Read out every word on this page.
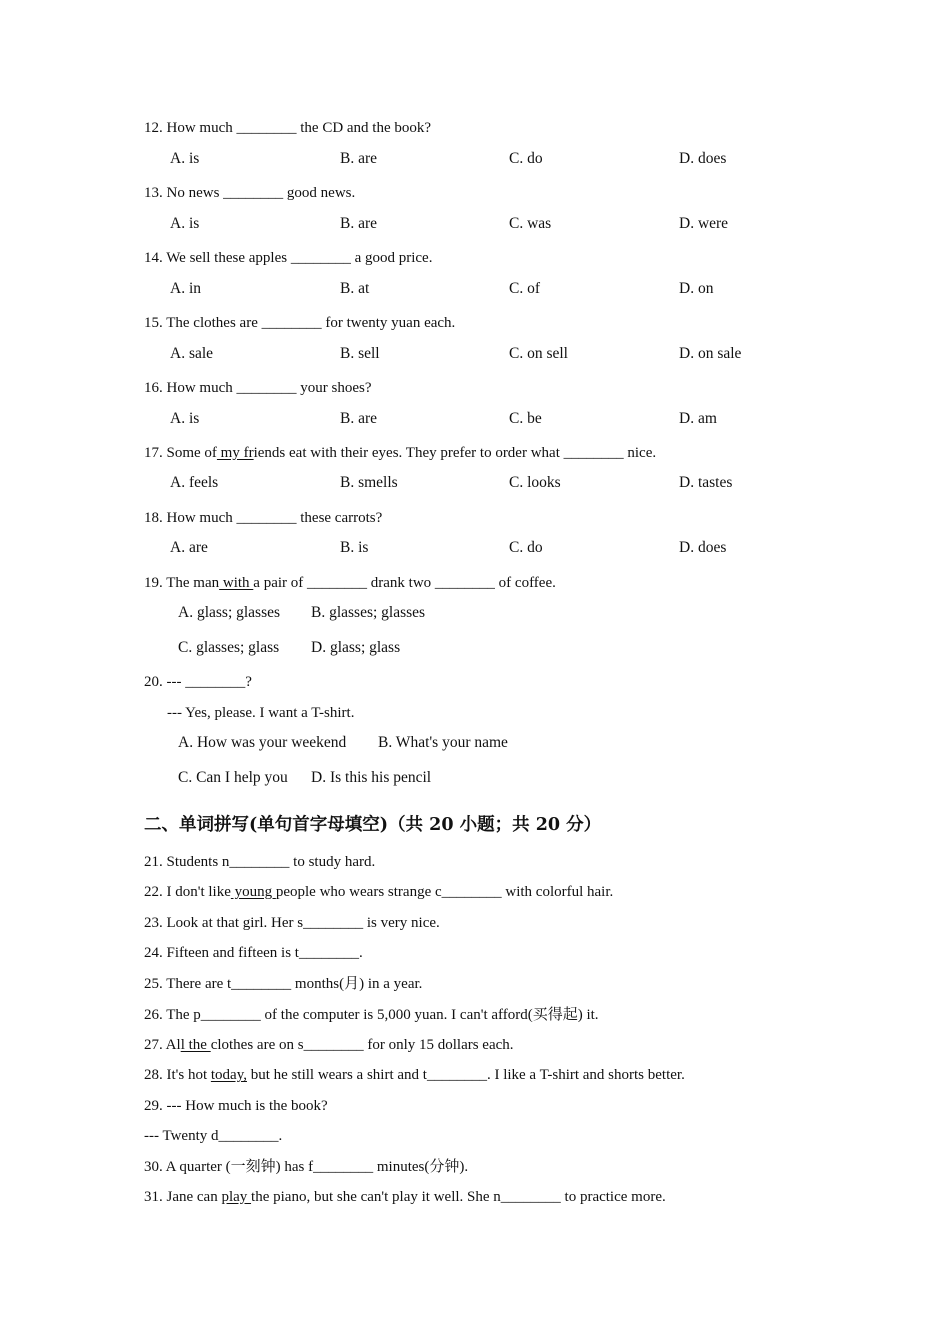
12. How much ________ the CD and the book?
A. is	B. are	C. do	D. does
13. No news ________ good news.
A. is	B. are	C. was	D. were
14. We sell these apples ________ a good price.
A. in	B. at	C. of	D. on
15. The clothes are ________ for twenty yuan each.
A. sale	B. sell	C. on sell	D. on sale
16. How much ________ your shoes?
A. is	B. are	C. be	D. am
17. Some of my friends eat with their eyes. They prefer to order what ________ nice.
A. feels	B. smells	C. looks	D. tastes
18. How much ________ these carrots?
A. are	B. is	C. do	D. does
19. The man with a pair of ________ drank two ________ of coffee.
A. glass; glasses B. glasses; glasses
C. glasses; glass D. glass; glass
20. --- ________?
--- Yes, please. I want a T-shirt.
A. How was your weekend B. What's your name
C. Can I help you D. Is this his pencil
二、单词拼写(单句首字母填空)（共 20 小题；共 20 分）
21. Students n________ to study hard.
22. I don't like young people who wears strange c________ with colorful hair.
23. Look at that girl. Her s________ is very nice.
24. Fifteen and fifteen is t________.
25. There are t________ months(月) in a year.
26. The p________ of the computer is 5,000 yuan. I can't afford(买得起) it.
27. All the clothes are on s________ for only 15 dollars each.
28. It's hot today, but he still wears a shirt and t________. I like a T-shirt and shorts better.
29. --- How much is the book?
--- Twenty d________.
30. A quarter (一刻钟) has f________ minutes(分钟).
31. Jane can play the piano, but she can't play it well. She n________ to practice more.
